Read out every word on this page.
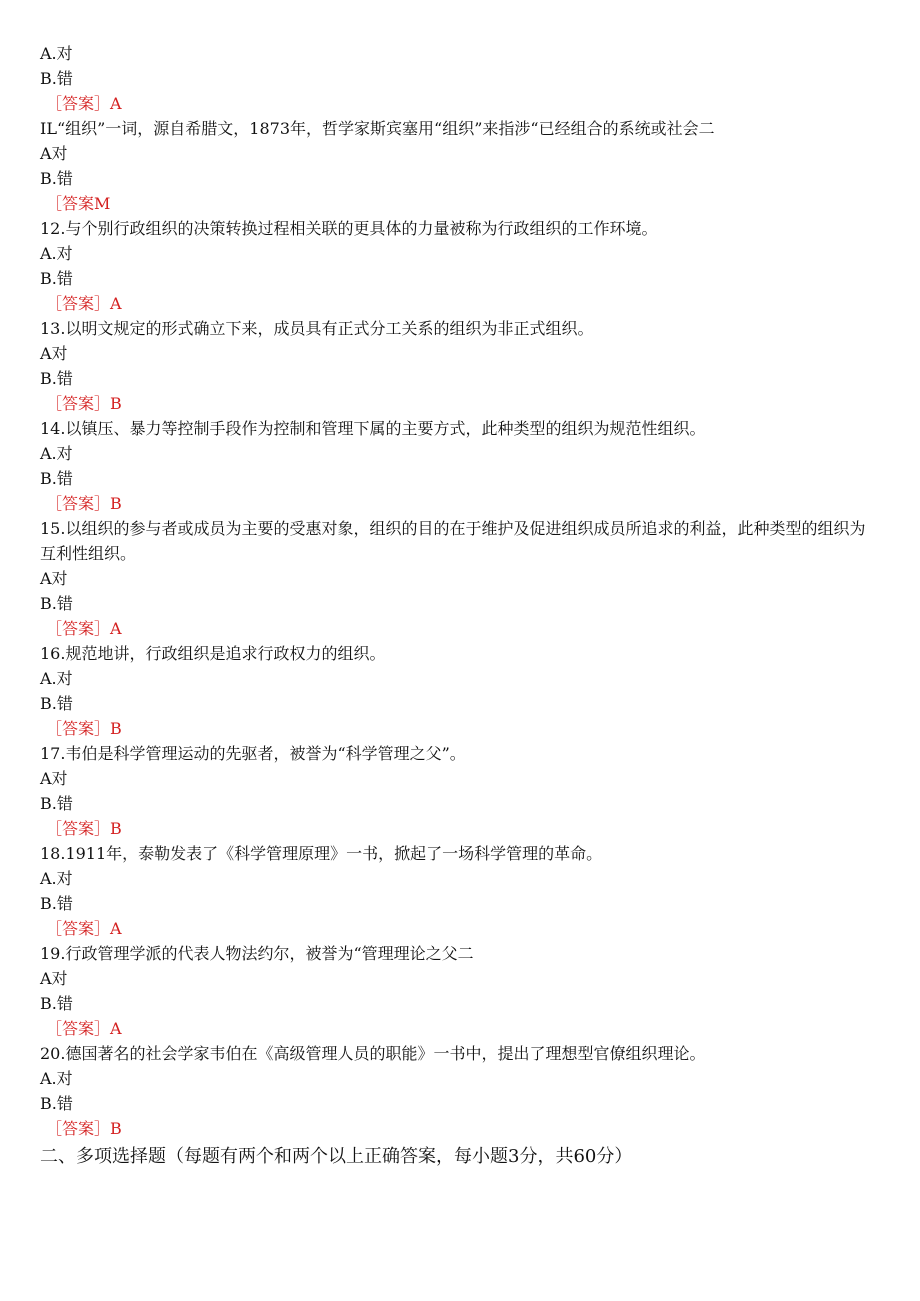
A.对
B.错
［答案］A
IL“组织”一词，源自希腊文，1873年，哲学家斯宾塞用“组织”来指涉“已经组合的系统或社会二
A对
B.错
［答案M
12.与个别行政组织的决策转换过程相关联的更具体的力量被称为行政组织的工作环境。
A.对
B.错
［答案］A
13.以明文规定的形式确立下来，成员具有正式分工关系的组织为非正式组织。
A对
B.错
［答案］B
14.以镇压、暴力等控制手段作为控制和管理下属的主要方式，此种类型的组织为规范性组织。
A.对
B.错
［答案］B
15.以组织的参与者或成员为主要的受惠对象，组织的目的在于维护及促进组织成员所追求的利益，此种类型的组织为互利性组织。
A对
B.错
［答案］A
16.规范地讲，行政组织是追求行政权力的组织。
A.对
B.错
［答案］B
17.韦伯是科学管理运动的先驱者，被誉为“科学管理之父”。
A对
B.错
［答案］B
18.1911年，泰勒发表了《科学管理原理》一书，掀起了一场科学管理的革命。
A.对
B.错
［答案］A
19.行政管理学派的代表人物法约尔，被誉为“管理理论之父二
A对
B.错
［答案］A
20.德国著名的社会学家韦伯在《高级管理人员的职能》一书中，提出了理想型官僚组织理论。
A.对
B.错
［答案］B
二、多项选择题（每题有两个和两个以上正确答案，每小题3分，共60分）
